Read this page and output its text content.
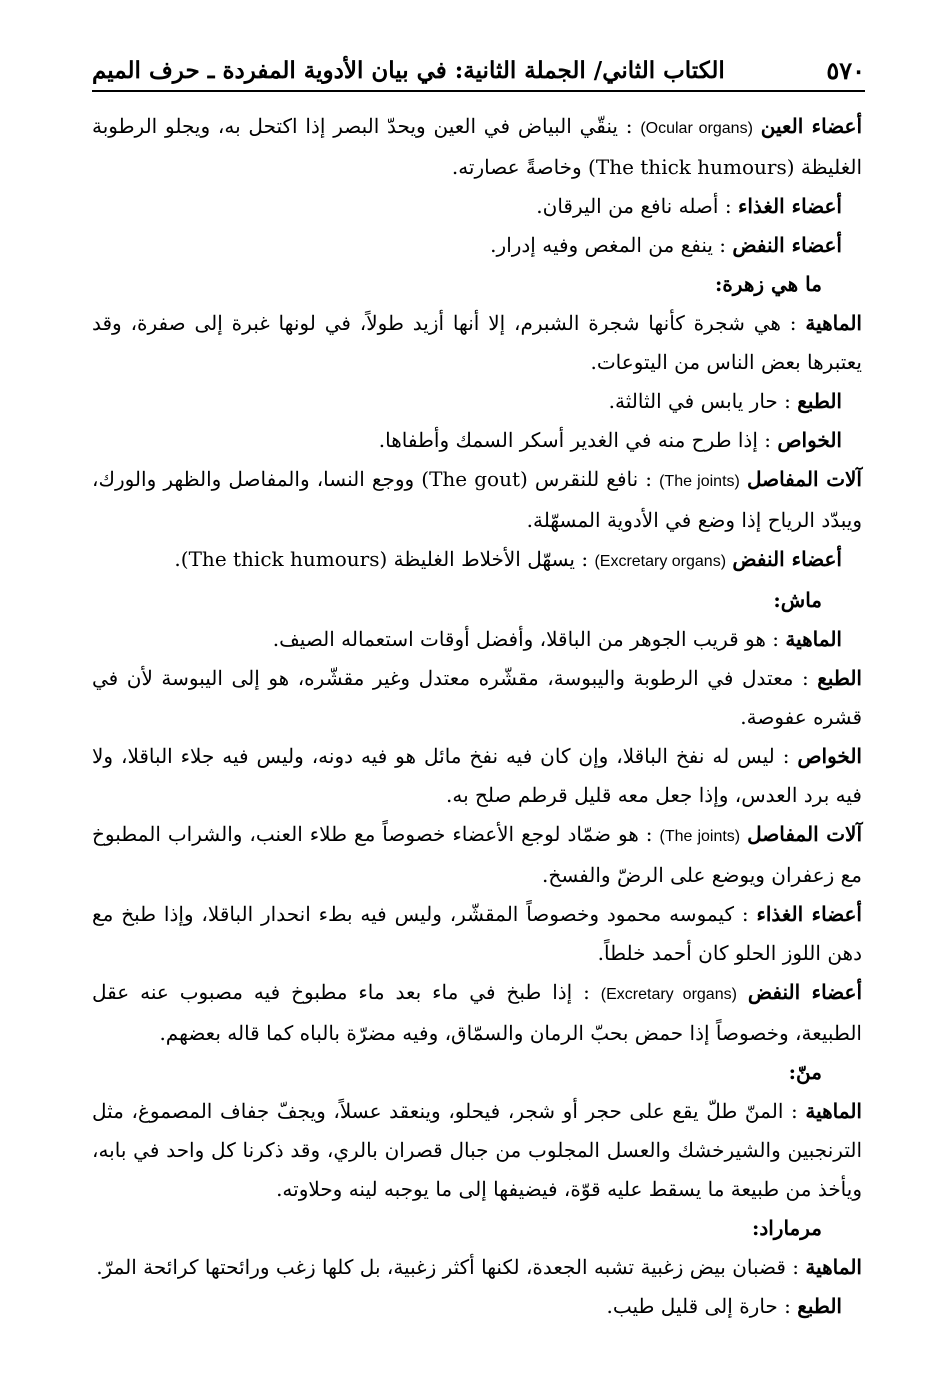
٥٧٠
الكتاب الثاني/ الجملة الثانية: في بيان الأدوية المفردة ـ حرف الميم

أعضاء العين (Ocular organs) : ينقّي البياض في العين ويحدّ البصر إذا اكتحل به، ويجلو الرطوبة الغليظة (The thick humours) وخاصةً عصارته.

أعضاء الغذاء : أصله نافع من اليرقان.

أعضاء النفض : ينفع من المغص وفيه إدرار.

ما هي زهرة:

الماهية : هي شجرة كأنها شجرة الشبرم، إلا أنها أزيد طولاً، في لونها غبرة إلى صفرة، وقد يعتبرها بعض الناس من اليتوعات.

الطبع : حار يابس في الثالثة.

الخواص : إذا طرح منه في الغدير أسكر السمك وأطفاها.

آلات المفاصل (The joints) : نافع للنقرس (The gout) ووجع النسا، والمفاصل والظهر والورك، ويبدّد الرياح إذا وضع في الأدوية المسهّلة.

أعضاء النفض (Excretary organs) : يسهّل الأخلاط الغليظة (The thick humours).

ماش:

الماهية : هو قريب الجوهر من الباقلا، وأفضل أوقات استعماله الصيف.

الطبع : معتدل في الرطوبة واليبوسة، مقشّره معتدل وغير مقشّره، هو إلى اليبوسة لأن في قشره عفوصة.

الخواص : ليس له نفخ الباقلا، وإن كان فيه نفخ مائل هو فيه دونه، وليس فيه جلاء الباقلا، ولا فيه برد العدس، وإذا جعل معه قليل قرطم صلح به.

آلات المفاصل (The joints) : هو ضمّاد لوجع الأعضاء خصوصاً مع طلاء العنب، والشراب المطبوخ مع زعفران ويوضع على الرضّ والفسخ.

أعضاء الغذاء : كيموسه محمود وخصوصاً المقشّر، وليس فيه بطء انحدار الباقلا، وإذا طبخ مع دهن اللوز الحلو كان أحمد خلطاً.

أعضاء النفض (Excretary organs) : إذا طبخ في ماء بعد ماء مطبوخ فيه مصبوب عنه عقل الطبيعة، وخصوصاً إذا حمض بحبّ الرمان والسمّاق، وفيه مضرّة بالباه كما قاله بعضهم.

منّ:

الماهية : المنّ طلّ يقع على حجر أو شجر، فيحلو، وينعقد عسلاً، ويجفّ جفاف المصموغ، مثل الترنجبين والشيرخشك والعسل المجلوب من جبال قصران بالري، وقد ذكرنا كل واحد في بابه، ويأخذ من طبيعة ما يسقط عليه قوّة، فيضيفها إلى ما يوجبه لينه وحلاوته.

مرماراد:

الماهية : قضبان بيض زغبية تشبه الجعدة، لكنها أكثر زغبية، بل كلها زغب ورائحتها كرائحة المرّ.

الطبع : حارة إلى قليل طيب.
